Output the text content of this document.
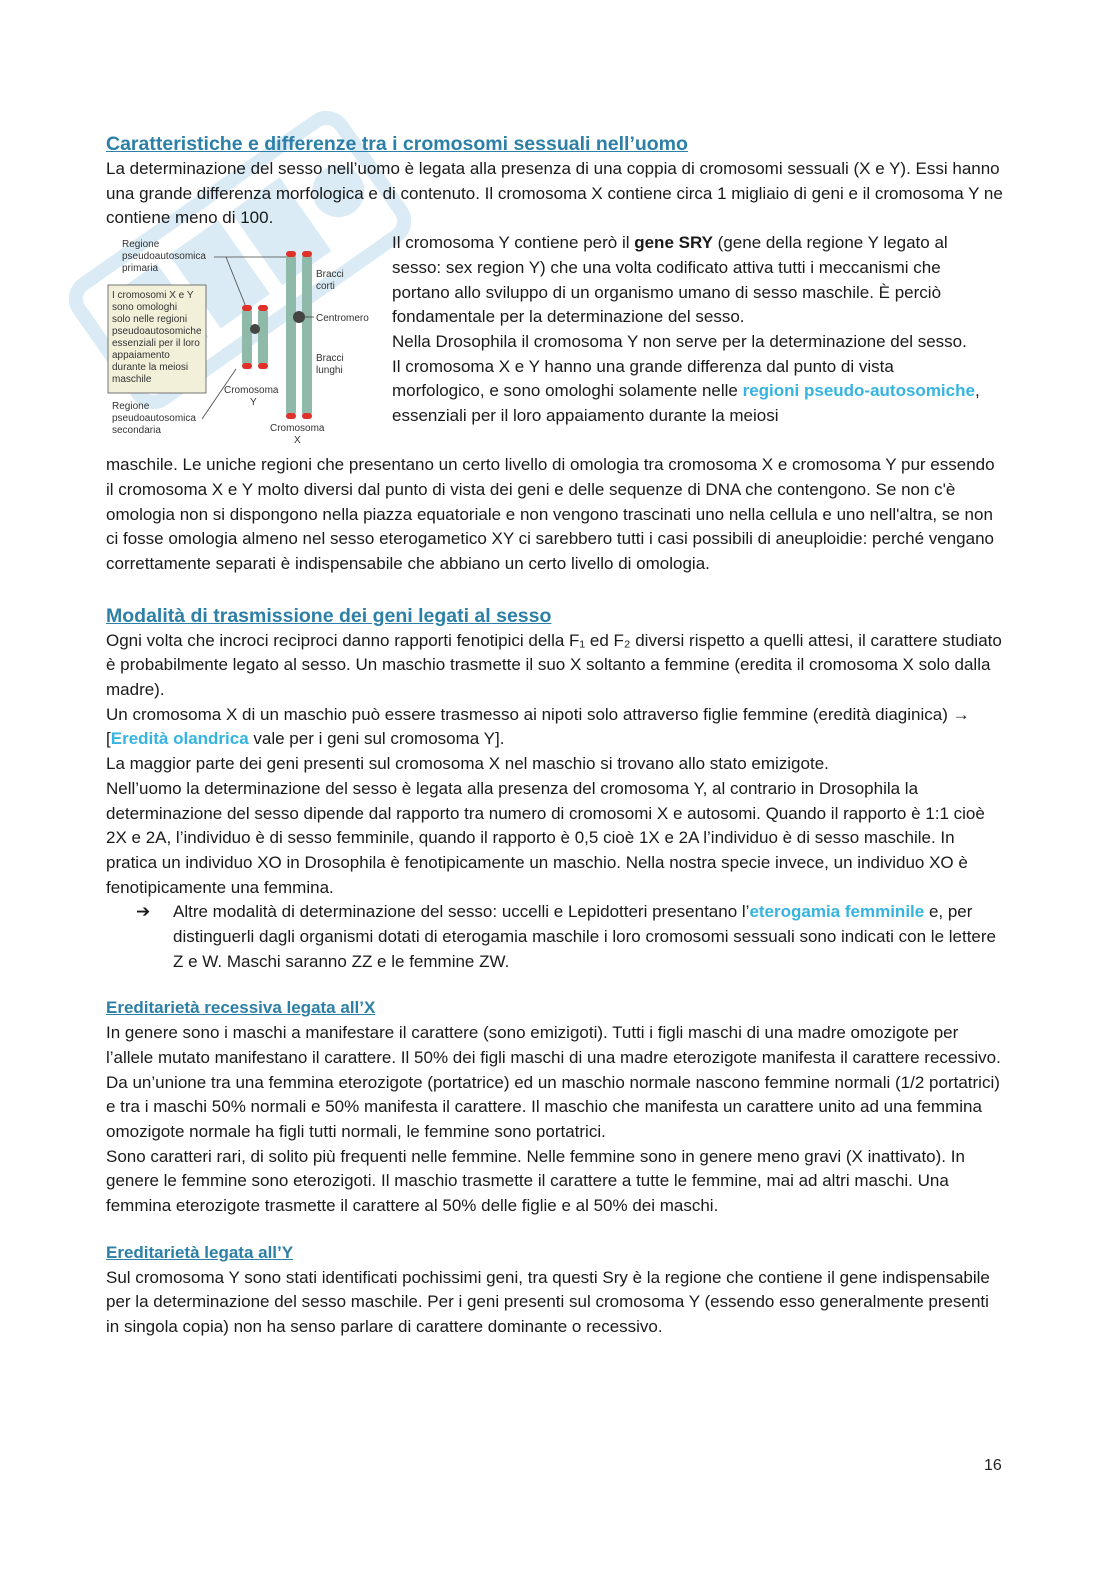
Caratteristiche e differenze tra i cromosomi sessuali nell’uomo

La determinazione del sesso nell’uomo è legata alla presenza di una coppia di cromosomi sessuali (X e Y). Essi hanno una grande differenza morfologica e di contenuto. Il cromosoma X contiene circa 1 migliaio di geni e il cromosoma Y ne contiene meno di 100.

Regione
pseudoautosomica
primaria
I cromosomi X e Y
sono omologhi
solo nelle regioni
pseudoautosomiche
essenziali per il loro
appaiamento
durante la meiosi
maschile
Regione
pseudoautosomica
secondaria
Cromosoma
Y
Cromosoma
X
Bracci
corti
Centromero
Bracci
lunghi

Il cromosoma Y contiene però il gene SRY (gene della regione Y legato al sesso: sex region Y) che una volta codificato attiva tutti i meccanismi che portano allo sviluppo di un organismo umano di sesso maschile. È perciò fondamentale per la determinazione del sesso.

Nella Drosophila il cromosoma Y non serve per la determinazione del sesso.

Il cromosoma X e Y hanno una grande differenza dal punto di vista morfologico, e sono omologhi solamente nelle regioni pseudo-autosomiche, essenziali per il loro appaiamento durante la meiosi

maschile. Le uniche regioni che presentano un certo livello di omologia tra cromosoma X e cromosoma Y pur essendo il cromosoma X e Y molto diversi dal punto di vista dei geni e delle sequenze di DNA che contengono. Se non c'è omologia non si dispongono nella piazza equatoriale e non vengono trascinati uno nella cellula e uno nell'altra, se non ci fosse omologia almeno nel sesso eterogametico XY ci sarebbero tutti i casi possibili di aneuploidie: perché vengano correttamente separati è indispensabile che abbiano un certo livello di omologia.

Modalità di trasmissione dei geni legati al sesso

Ogni volta che incroci reciproci danno rapporti fenotipici della F₁ ed F₂ diversi rispetto a quelli attesi, il carattere studiato è probabilmente legato al sesso. Un maschio trasmette il suo X soltanto a femmine (eredita il cromosoma X solo dalla madre).

Un cromosoma X di un maschio può essere trasmesso ai nipoti solo attraverso figlie femmine (eredità diaginica) → [Eredità olandrica vale per i geni sul cromosoma Y].

La maggior parte dei geni presenti sul cromosoma X nel maschio si trovano allo stato emizigote.

Nell’uomo la determinazione del sesso è legata alla presenza del cromosoma Y, al contrario in Drosophila la determinazione del sesso dipende dal rapporto tra numero di cromosomi X e autosomi. Quando il rapporto è 1:1 cioè 2X e 2A, l’individuo è di sesso femminile, quando il rapporto è 0,5 cioè 1X e 2A l’individuo è di sesso maschile. In pratica un individuo XO in Drosophila è fenotipicamente un maschio. Nella nostra specie invece, un individuo XO è fenotipicamente una femmina.

➔ Altre modalità di determinazione del sesso: uccelli e Lepidotteri presentano l’eterogamia femminile e, per distinguerli dagli organismi dotati di eterogamia maschile i loro cromosomi sessuali sono indicati con le lettere Z e W. Maschi saranno ZZ e le femmine ZW.

Ereditarietà recessiva legata all’X

In genere sono i maschi a manifestare il carattere (sono emizigoti). Tutti i figli maschi di una madre omozigote per l’allele mutato manifestano il carattere. Il 50% dei figli maschi di una madre eterozigote manifesta il carattere recessivo. Da un’unione tra una femmina eterozigote (portatrice) ed un maschio normale nascono femmine normali (1/2 portatrici) e tra i maschi 50% normali e 50% manifesta il carattere. Il maschio che manifesta un carattere unito ad una femmina omozigote normale ha figli tutti normali, le femmine sono portatrici.

Sono caratteri rari, di solito più frequenti nelle femmine. Nelle femmine sono in genere meno gravi (X inattivato). In genere le femmine sono eterozigoti. Il maschio trasmette il carattere a tutte le femmine, mai ad altri maschi. Una femmina eterozigote trasmette il carattere al 50% delle figlie e al 50% dei maschi.

Ereditarietà legata all’Y

Sul cromosoma Y sono stati identificati pochissimi geni, tra questi Sry è la regione che contiene il gene indispensabile per la determinazione del sesso maschile. Per i geni presenti sul cromosoma Y (essendo esso generalmente presenti in singola copia) non ha senso parlare di carattere dominante o recessivo.

16
